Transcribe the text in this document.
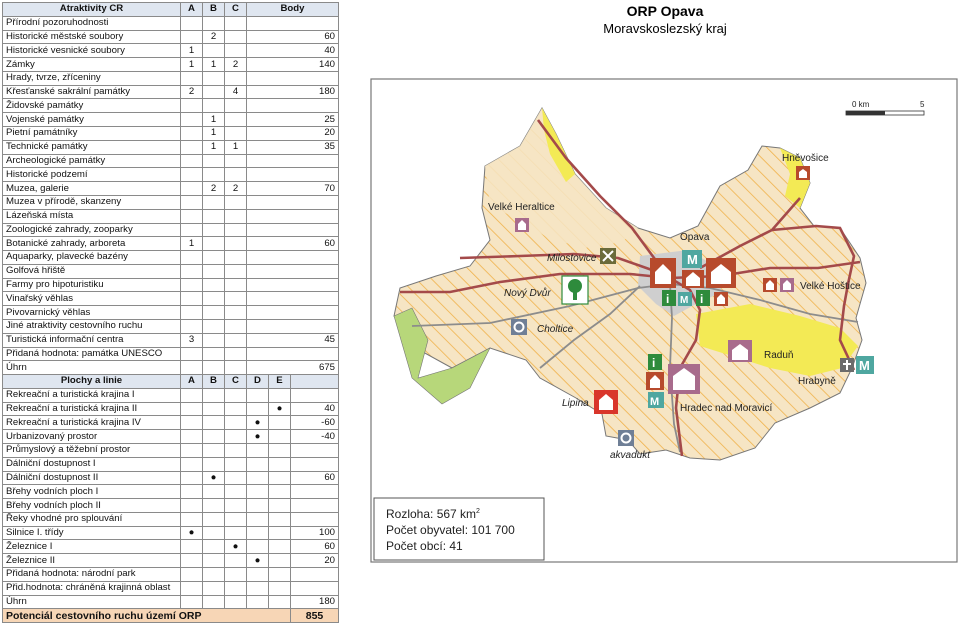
Atraktivity CR	A	B	C	Body		
Přírodní pozoruhodnosti						
Historické městské soubory		2		60		
Historické vesnické soubory	1			40		
Zámky	1	1	2	140		
Hrady, tvrze, zříceniny						
Křesťanské sakrální památky	2		4	180		
Židovské památky						
Vojenské památky		1		25		
Pietní památníky		1		20		
Technické památky		1	1	35		
Archeologické památky						
Historické podzemí						
Muzea, galerie		2	2	70		
Muzea v přírodě, skanzeny						
Lázeňská místa						
Zoologické zahrady, zooparky						
Botanické zahrady, arboreta	1			60		
Aquaparky, plavecké bazény						
Golfová hřiště						
Farmy pro hipoturistiku						
Vinařský věhlas						
Pivovarnický věhlas						
Jiné atraktivity cestovního ruchu						
Turistická informační centra	3			45		
Přidaná hodnota: památka UNESCO						
Úhrn				675		
Plochy a linie	A	B	C	D	E	
Rekreační a turistická krajina I						
Rekreační a turistická krajina II					●	40
Rekreační a turistická krajina IV				●		-60
Urbanizovaný prostor				●		-40
Průmyslový a těžební prostor						
Dálniční dostupnost I						
Dálniční dostupnost II		●				60
Břehy vodních ploch I						
Břehy vodních ploch II						
Řeky vhodné pro splouvání						
Silnice I. třídy	●					100
Železnice I			●			60
Železnice II				●		20
Přidaná hodnota: národní park						
Přid.hodnota: chráněná krajinná oblast						
Úhrn						180
Potenciál cestovního ruchu území ORP						855
ORP Opava
Moravskoslezský kraj
0 km	5
Hněvošice
Velké Heraltice
Opava
Milostovice
Nový Dvůr
Choltice
Velké Hoštice
Raduň
Hrabyně
Lipina	Hradec nad Moravicí
akvadukt
M
i M i
M
i
M
Rozloha: 567 $km^2$
Počet obyvatel: 101 700
Počet obcí: 41
